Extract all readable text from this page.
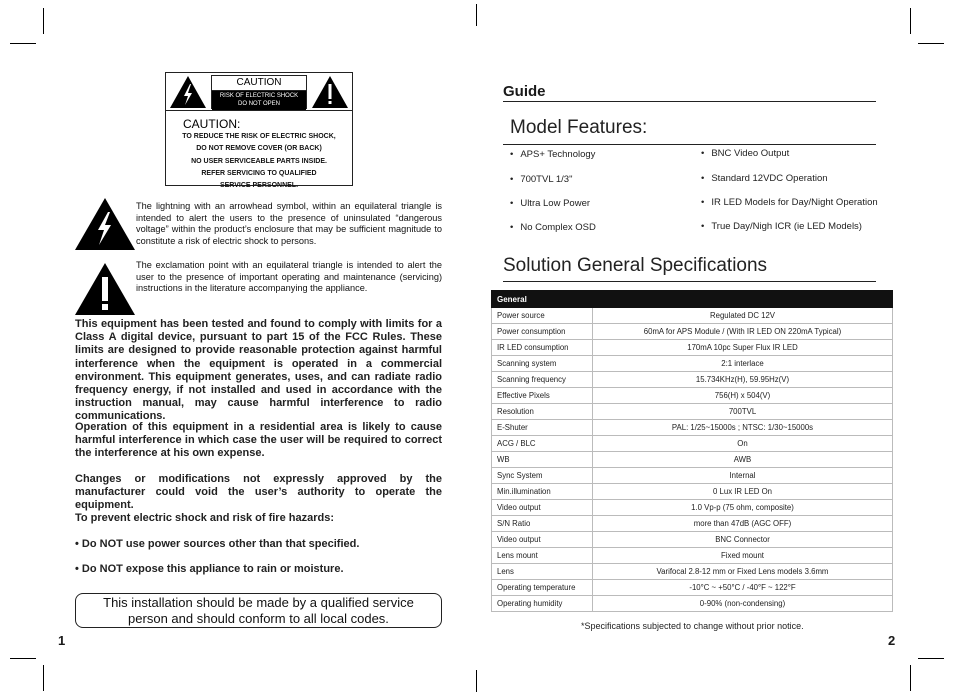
CAUTION
RISK OF ELECTRIC SHOCK
DO NOT OPEN
CAUTION:
TO REDUCE THE RISK OF ELECTRIC SHOCK,
DO NOT REMOVE COVER (OR BACK)
NO USER SERVICEABLE PARTS INSIDE.
REFER SERVICING TO QUALIFIED
SERVICE PERSONNEL.
The lightning with an arrowhead symbol, within an equilateral triangle is intended to alert the users to the presence of uninsulated “dangerous voltage” within the product’s enclosure that may be sufficient magnitude to constitute a risk of electric shock to persons.
The exclamation point with an equilateral triangle is intended to alert the user to the presence of important operating and maintenance (servicing) instructions in the literature accompanying the appliance.
This equipment has been tested and found to comply with limits for a Class A digital device, pursuant to part 15 of the FCC Rules. These limits are designed to provide reasonable protection against harmful interference when the equipment is operated in a commercial environment. This equipment generates, uses, and can radiate radio frequency energy, if not installed and used in accordance with the instruction manual, may cause harmful interference to radio communications.
Operation of this equipment in a residential area is likely to cause harmful interference in which case the user will be required to correct the interference at his own expense.
Changes or modifications not expressly approved by the manufacturer could void the user’s authority to operate the equipment.
To prevent electric shock and risk of fire hazards:
• Do NOT use power sources other than that specified.
• Do NOT expose this appliance to rain or moisture.
This installation should be made by a qualified service
person and should conform to all local codes.
1
Guide
Model Features:
• APS+ Technology
• 700TVL 1/3"
• Ultra Low Power
• No Complex OSD
• BNC Video Output
• Standard 12VDC Operation
• IR LED Models for Day/Night Operation
• True Day/Nigh ICR (ie LED Models)
Solution General Specifications
General	
Power source	Regulated DC 12V
Power consumption	60mA for APS Module / (With IR LED ON 220mA Typical)
IR LED consumption	170mA 10pc Super Flux IR LED
Scanning system	2:1 interlace
Scanning frequency	15.734KHz(H), 59.95Hz(V)
Effective Pixels	756(H) x 504(V)
Resolution	700TVL
E-Shuter	PAL: 1/25~15000s ; NTSC: 1/30~15000s
ACG / BLC	On
WB	AWB
Sync System	Internal
Min.illumination	0 Lux IR LED On
Video output	1.0 Vp-p (75 ohm, composite)
S/N Ratio	more than 47dB (AGC OFF)
Video output	BNC Connector
Lens mount	Fixed mount
Lens	Varifocal 2.8-12 mm or Fixed Lens models 3.6mm
Operating temperature	-10°C ~ +50°C / -40°F ~ 122°F
Operating humidity	0-90% (non-condensing)
*Specifications subjected to change without prior notice.
2
